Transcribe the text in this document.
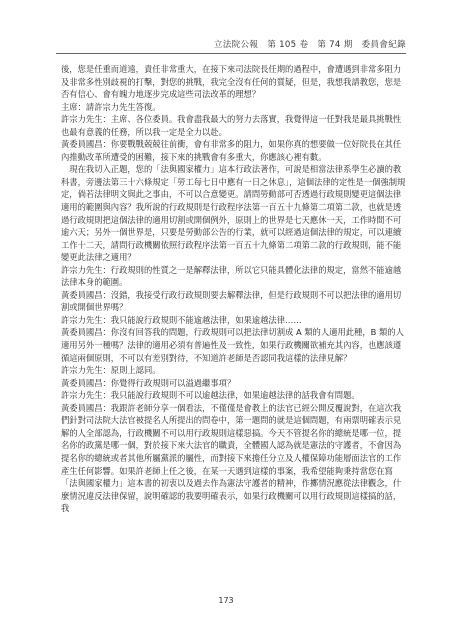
立法院公報　第 105 卷　第 74 期　委員會紀錄

後，您是任重而道遠，責任非常重大，在接下來司法院長任期的過程中，會遭遇到非常多阻力及非常多性別歧視的打擊，對您的挑戰，我完全沒有任何的質疑，但是，我想我請教您，您是否有信心、會有魄力地逐步完成這些司法改革的理想？

主席：請許宗力先生答復。

許宗力先生：主席、各位委員。我會盡我最大的努力去落實，我覺得這一任對我是最具挑戰性也最有意義的任務，所以我一定是全力以赴。

黃委員國昌：你要戰戰兢兢往前衝，會有非常多的阻力，如果你真的想要做一位好院長在其任內推動改革所遭受的困難，接下來的挑戰會有多重大，你應該心裡有數。

　現在我切入正題，您的「法與國家權力」這本行政法著作，可說是相當法律系學生必讀的教科書，旁邊法第三十六條規定「勞工每七日中應有一日之休息」，這個法律的定性是一個強制規定，倘若法律明文與此之事由，不可以合意變更。請問勞動部可否透過行政規則變更這個法律適用的範圍與內容？我所說的行政規則是行政程序法第一百五十九條第二項第二款，也就是透過行政規則把這個法律的適用切割或開個例外，原則上的世界是七天應休一天，工作時間不可逾六天；另外一個世界是，只要是勞動部公告的行業，就可以經過這個法律的規定，可以連續工作十二天，請問行政機關依照行政程序法第一百五十九條第二項第二款的行政規則，能不能變更此法律之適用？

許宗力先生：行政規則的性質之一是解釋法律，所以它只能具體化法律的規定，當然不能逾越法律本身的範圍。

黃委員國昌：沒錯，我接受行政行政規則要去解釋法律，但是行政規則不可以把法律的適用切割或開個世界嗎？

許宗力先生：我只能說行政規則不能逾越法律，如果逾越法律……

黃委員國昌：你沒有回答我的問題，行政規則可以把法律切割成 A 類的人適用此種，B 類的人適用另外一種嗎？法律的適用必須有普遍性及一致性，如果行政機關欲補充其內容，也應該遵循這兩個原則，不可以有差別對待，不知道許老師是否認同我這樣的法律見解？

許宗力先生：原則上認同。

黃委員國昌：你覺得行政規則可以溢過繼事項？

許宗力先生：我只能說行政規則不可以逾越法律，如果逾越法律的話我會有問題。

黃委員國昌：我跟許老師分享一個看法，不僅僅是會教上的法官已經公開反覆說對，在這次我們針對司法院大法官被提名人所提出的問卷中，第一題問的就是這個問題，有兩票明確表示見解的人全部認為，行政機關不可以用行政規則這樣惡搞。今天不管提名你的總統是哪一位，提名你的政黨是哪一個，對於接下來大法官的職責，全體國人認為就是憲法的守護者，不會因為提名你的總統或者其他所屬黨派的屬性，而對接下來擔任分立及人權保障功能層面法官的工作產生任何影響。如果許老師上任之後，在某一天遇到這樣的事案，我希望能夠秉持當您在寫「法與國家權力」這本書的初衷以及過去作為憲法守護者的精神，作擲情況應從法律觀念，什麼情況違反法律保留，說明確認的我要明確表示，如果行政機關可以用行政規則這樣搞的話，我

173
